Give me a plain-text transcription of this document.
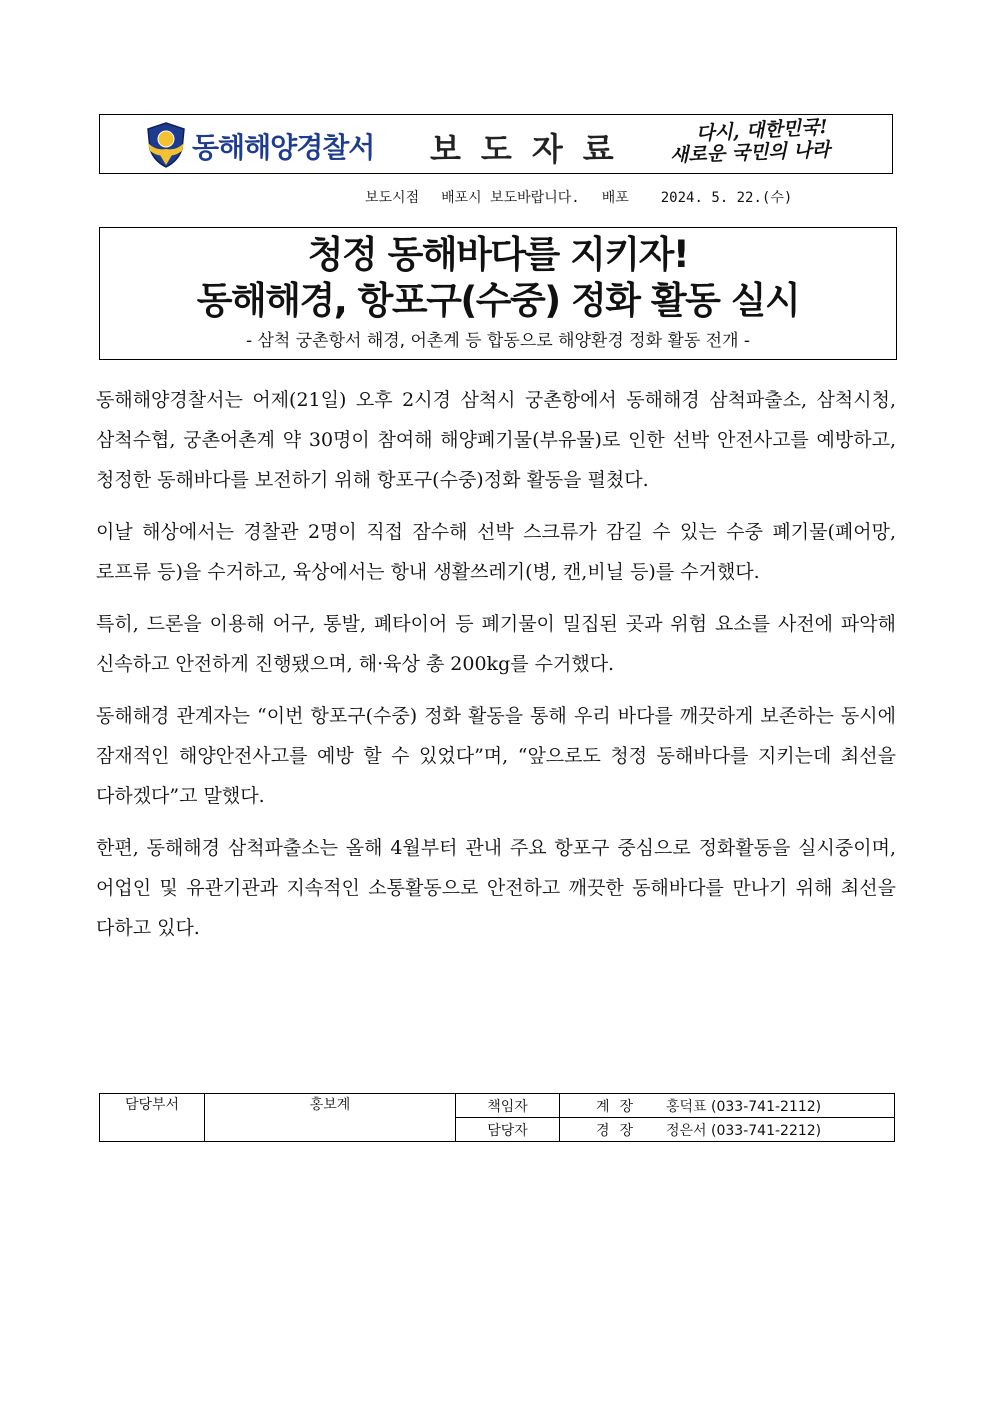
동해해양경찰서 보도자료	다시, 대한민국!
새로운 국민의 나라
보도시점 배포시 보도바랍니다. 배포 2024. 5. 22.(수)
청정 동해바다를 지키자!
동해해경, 항포구(수중) 정화 활동 실시
- 삼척 궁촌항서 해경, 어촌계 등 합동으로 해양환경 정화 활동 전개 -

동해해양경찰서는 어제(21일) 오후 2시경 삼척시 궁촌항에서 동해해경 삼척파출소, 삼척시청, 삼척수협, 궁촌어촌계 약 30명이 참여해 해양폐기물(부유물)로 인한 선박 안전사고를 예방하고, 청정한 동해바다를 보전하기 위해 항포구(수중)정화 활동을 펼쳤다.

이날 해상에서는 경찰관 2명이 직접 잠수해 선박 스크류가 감길 수 있는 수중 폐기물(폐어망, 로프류 등)을 수거하고, 육상에서는 항내 생활쓰레기(병, 캔,비닐 등)를 수거했다.

특히, 드론을 이용해 어구, 통발, 폐타이어 등 폐기물이 밀집된 곳과 위험 요소를 사전에 파악해 신속하고 안전하게 진행됐으며, 해·육상 총 200kg를 수거했다.

동해해경 관계자는 “이번 항포구(수중) 정화 활동을 통해 우리 바다를 깨끗하게 보존하는 동시에 잠재적인 해양안전사고를 예방 할 수 있었다”며, “앞으로도 청정 동해바다를 지키는데 최선을 다하겠다”고 말했다.

한편, 동해해경 삼척파출소는 올해 4월부터 관내 주요 항포구 중심으로 정화활동을 실시중이며, 어업인 및 유관기관과 지속적인 소통활동으로 안전하고 깨끗한 동해바다를 만나기 위해 최선을 다하고 있다.

담당부서	홍보계	책임자	계장 홍덕표 (033-741-2112)
		담당자	경장 정은서 (033-741-2212)
